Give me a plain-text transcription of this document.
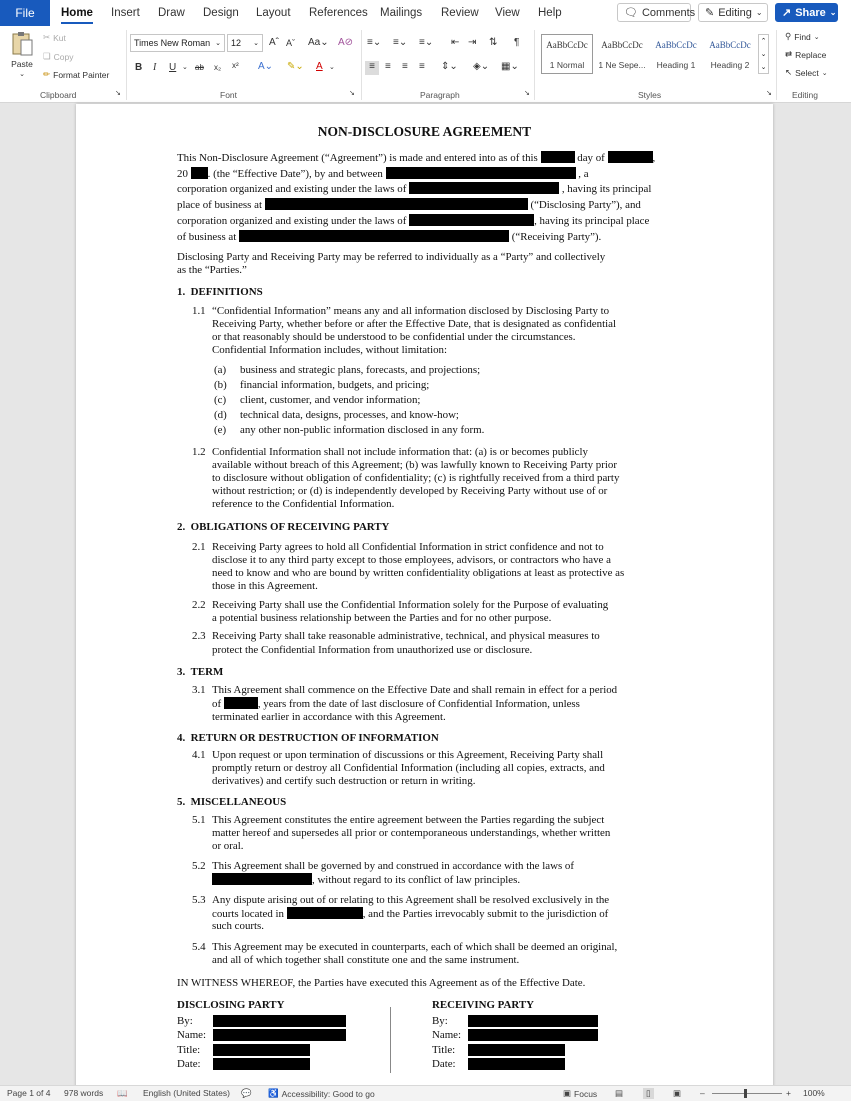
File	Home Insert Draw Design Layout References Mailings Review View Help	🗨 Comments ✎ Editing ⌄ ↗ Share ⌄
Paste
⌄
✂ Kut
❏ Copy
✏ Format Painter
Clipboard	↘
Times New Roman ⌄ 12 ⌄ Aˆ Aˇ Aa⌄ A⊘
B I U ⌄ ab x₂ x² A⌄ ✎⌄ A ⌄
Font	↘
≡⌄ ≡⌄ ≡⌄ ⇤ ⇥ ⇅ ¶
≡	≡ ≡ ≡ ⇕⌄ ◈⌄ ▦⌄
Paragraph	↘
AaBbCcDc
1 Normal
AaBbCcDc
1 Ne Sepe...
AaBbCcDc
Heading 1
AaBbCcDc
Heading 2
⌃
⌄
⌄
Styles	↘
⚲ Find ⌄
⇄ Replace
↖ Select ⌄
Editing
NON-DISCLOSURE AGREEMENT
This Non-Disclosure Agreement (“Agreement”) is made and entered into as of this	day of	,
20 . (the “Effective Date”), by and between	, a
corporation organized and existing under the laws of	, having its principal
place of business at	(“Disclosing Party”), and
corporation organized and existing under the laws of	, having its principal place
of business at	(“Receiving Party”).
Disclosing Party and Receiving Party may be referred to individually as a “Party” and collectively
as the “Parties.”
1.  DEFINITIONS
1.1 “Confidential Information” means any and all information disclosed by Disclosing Party to
Receiving Party, whether before or after the Effective Date, that is designated as confidential
or that reasonably should be understood to be confidential under the circumstances.
Confidential Information includes, without limitation:
(a) business and strategic plans, forecasts, and projections;
(b) financial information, budgets, and pricing;
(c) client, customer, and vendor information;
(d) technical data, designs, processes, and know-how;
(e) any other non-public information disclosed in any form.
1.2 Confidential Information shall not include information that: (a) is or becomes publicly
available without breach of this Agreement; (b) was lawfully known to Receiving Party prior
to disclosure without obligation of confidentiality; (c) is rightfully received from a third party
without restriction; or (d) is independently developed by Receiving Party without use of or
reference to the Confidential Information.
2.  OBLIGATIONS OF RECEIVING PARTY
2.1 Receiving Party agrees to hold all Confidential Information in strict confidence and not to
disclose it to any third party except to those employees, advisors, or contractors who have a
need to know and who are bound by written confidentiality obligations at least as protective as
those in this Agreement.
2.2 Receiving Party shall use the Confidential Information solely for the Purpose of evaluating
a potential business relationship between the Parties and for no other purpose.
2.3 Receiving Party shall take reasonable administrative, technical, and physical measures to
protect the Confidential Information from unauthorized use or disclosure.
3.  TERM
3.1 This Agreement shall commence on the Effective Date and shall remain in effect for a period
of	, years from the date of last disclosure of Confidential Information, unless
terminated earlier in accordance with this Agreement.
4.  RETURN OR DESTRUCTION OF INFORMATION
4.1 Upon request or upon termination of discussions or this Agreement, Receiving Party shall
promptly return or destroy all Confidential Information (including all copies, extracts, and
derivatives) and certify such destruction or return in writing.
5.  MISCELLANEOUS
5.1 This Agreement constitutes the entire agreement between the Parties regarding the subject
matter hereof and supersedes all prior or contemporaneous understandings, whether written
or oral.
5.2 This Agreement shall be governed by and construed in accordance with the laws of
, without regard to its conflict of law principles.
5.3 Any dispute arising out of or relating to this Agreement shall be resolved exclusively in the
courts located in	, and the Parties irrevocably submit to the jurisdiction of
such courts.
5.4 This Agreement may be executed in counterparts, each of which shall be deemed an original,
and all of which together shall constitute one and the same instrument.
IN WITNESS WHEREOF, the Parties have executed this Agreement as of the Effective Date.
DISCLOSING PARTY	RECEIVING PARTY
By:
Name:
Title:
Date:
By:
Name:
Title:
Date:
Page 1 of 4 978 words 📖 English (United States) 💬 ♿ Accessibility: Good to go	▣ Focus ▤	▯	▣ –	+ 100%
